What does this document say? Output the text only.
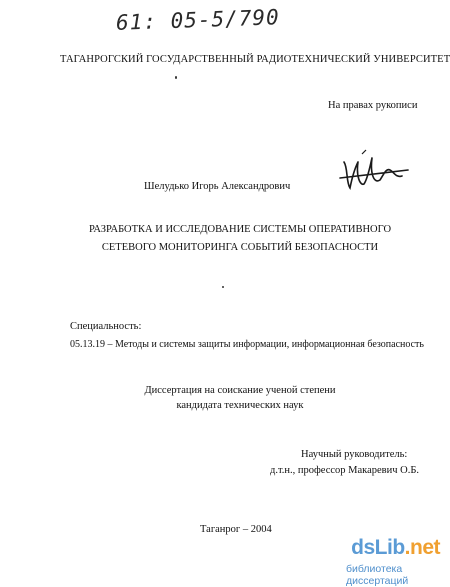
61: 05-5/790
ТАГАНРОГСКИЙ ГОСУДАРСТВЕННЫЙ РАДИОТЕХНИЧЕСКИЙ УНИВЕРСИТЕТ
На правах рукописи
Шелудько Игорь Александрович
РАЗРАБОТКА И ИССЛЕДОВАНИЕ СИСТЕМЫ ОПЕРАТИВНОГО
СЕТЕВОГО МОНИТОРИНГА СОБЫТИЙ БЕЗОПАСНОСТИ
Специальность:
05.13.19 – Методы и системы защиты информации, информационная безопасность
Диссертация на соискание ученой степени
кандидата технических наук
Научный руководитель:
д.т.н., профессор Макаревич О.Б.
Таганрог – 2004
dsLib.net
библиотека диссертаций
